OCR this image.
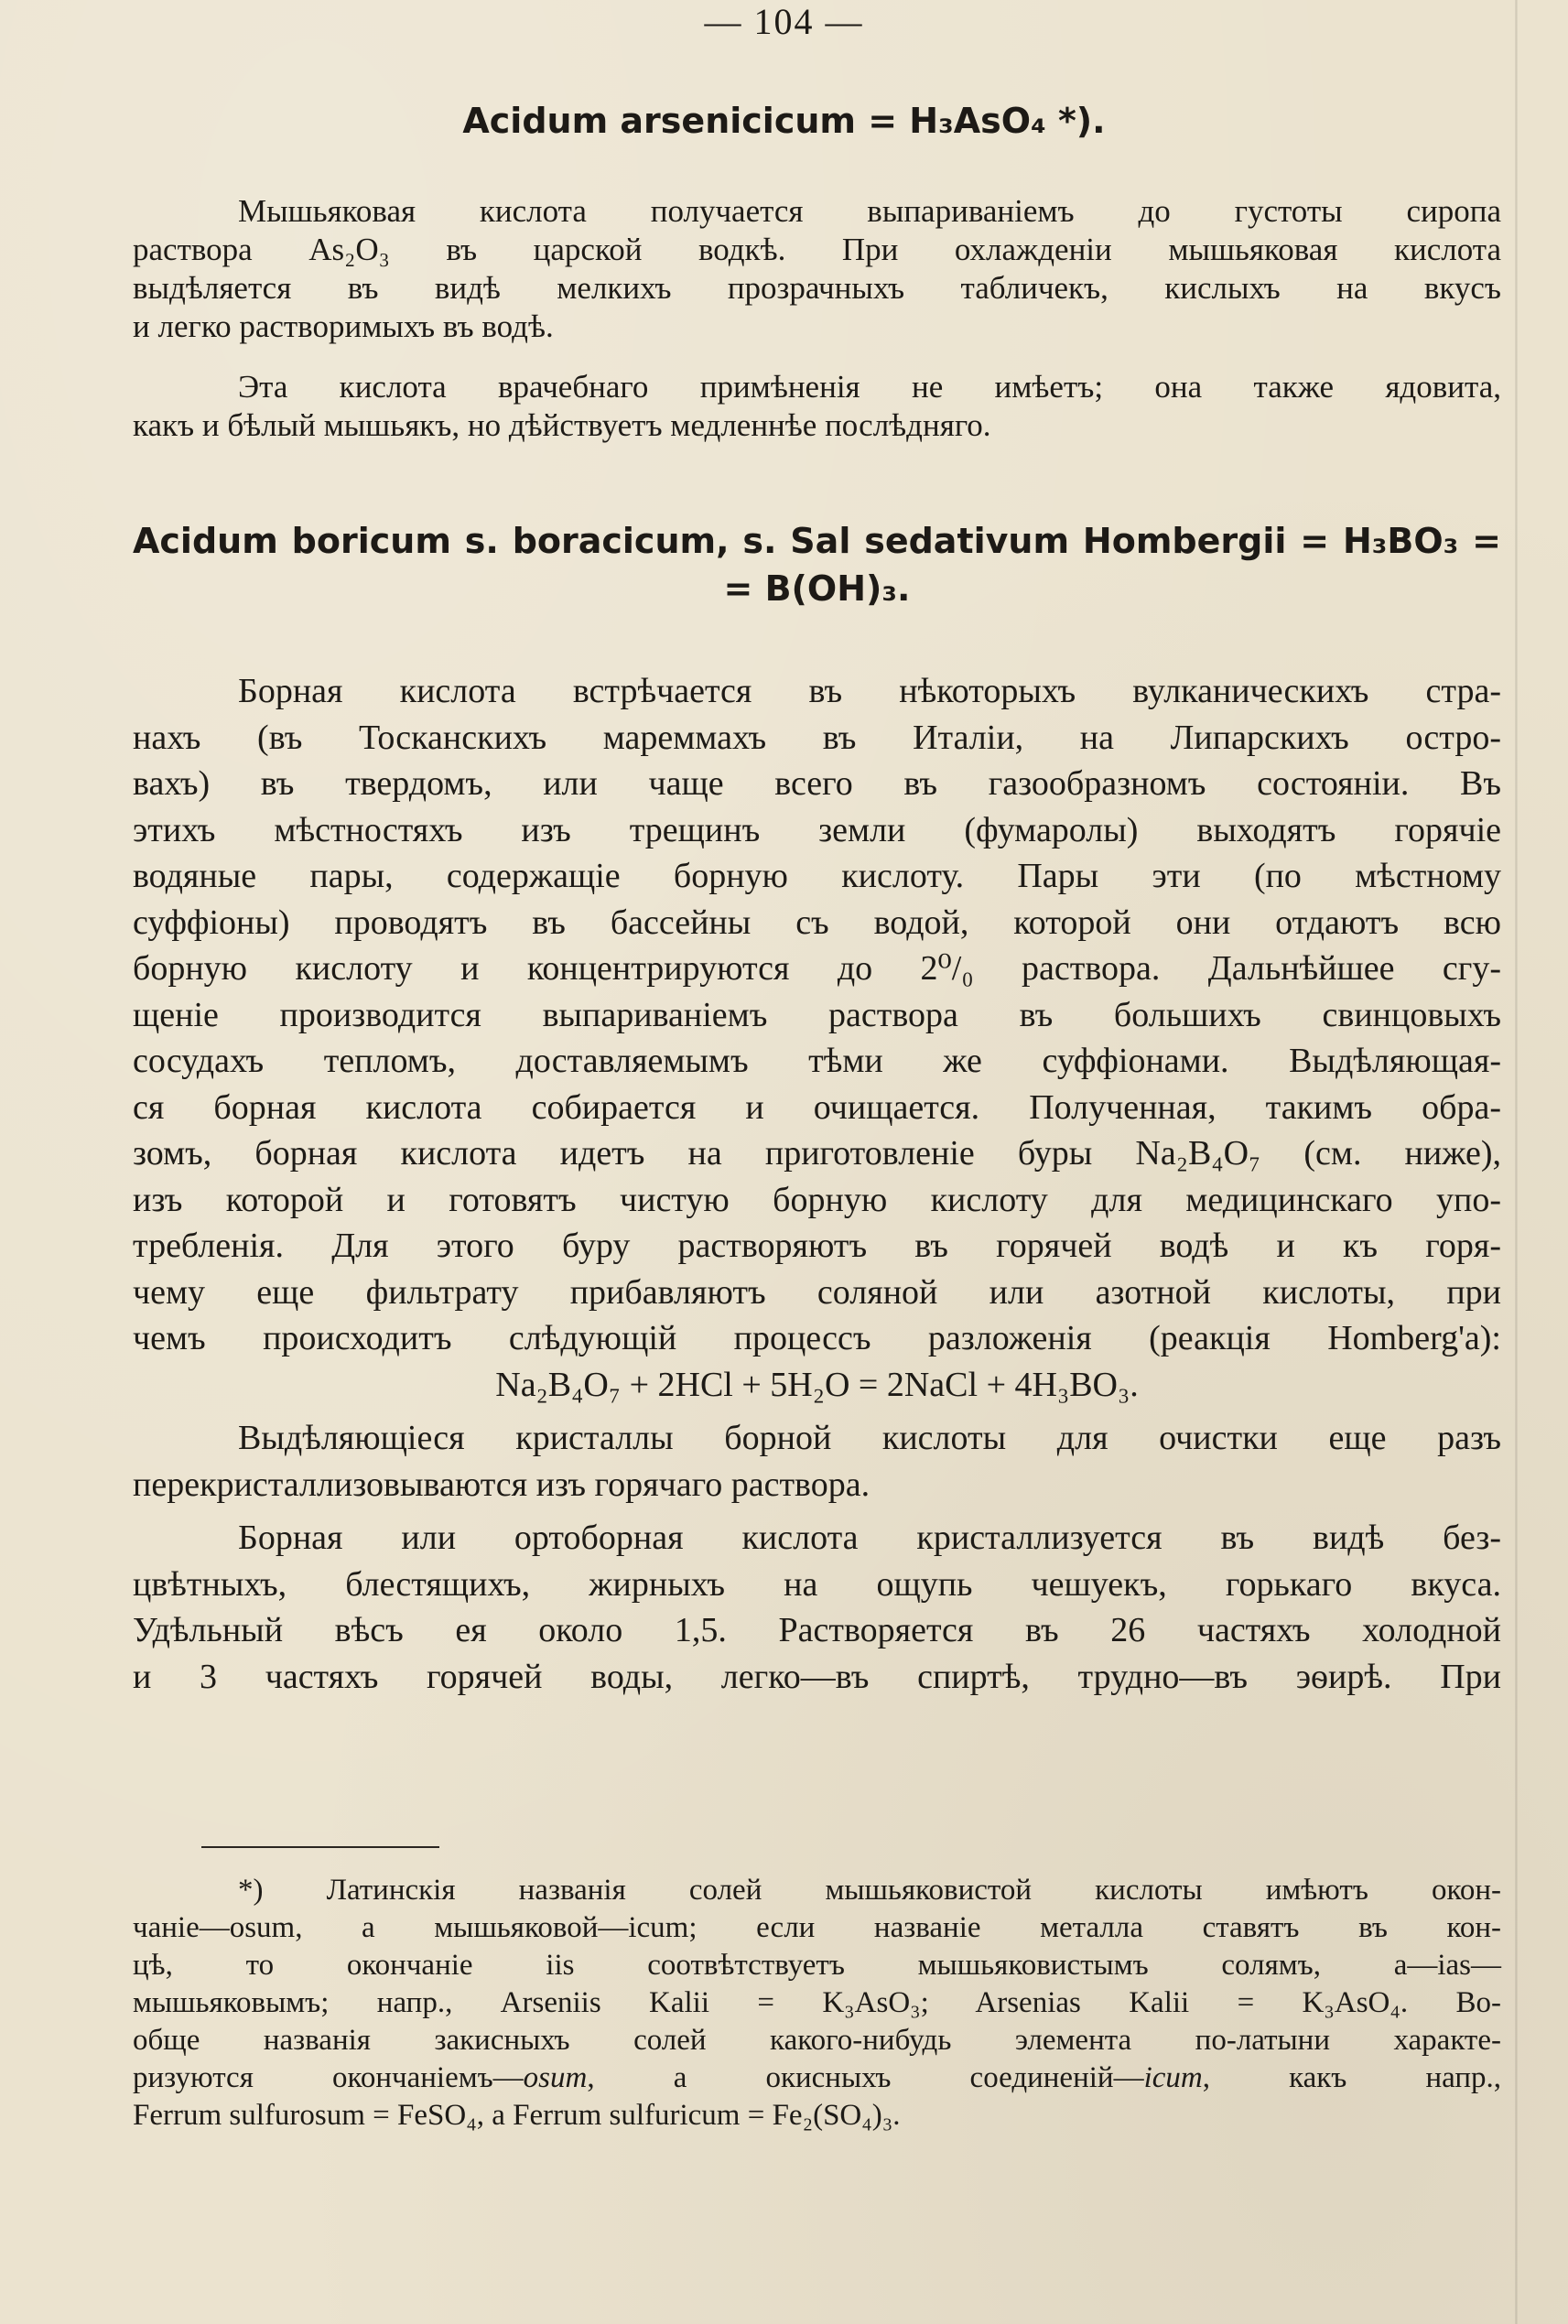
— 104 —
Acidum arsenicicum = H₃AsO₄ *).
Мышьяковая кислота получается выпариваніемъ до густоты сиропа
раствора As₂O₃ въ царской водкѣ. При охлажденіи мышьяковая кислота
выдѣляется въ видѣ мелкихъ прозрачныхъ табличекъ, кислыхъ на вкусъ
и легко растворимыхъ въ водѣ.
Эта кислота врачебнаго примѣненія не имѣетъ; она также ядовита,
какъ и бѣлый мышьякъ, но дѣйствуетъ медленнѣе послѣдняго.
Acidum boricum s. boracicum, s. Sal sedativum Hombergii = H₃BO₃ =
= B(OH)₃.
Борная кислота встрѣчается въ нѣкоторыхъ вулканическихъ стра-
нахъ (въ Тосканскихъ мареммахъ въ Италіи, на Липарскихъ остро-
вахъ) въ твердомъ, или чаще всего въ газообразномъ состояніи. Въ
этихъ мѣстностяхъ изъ трещинъ земли (фумаролы) выходятъ горячіе
водяные пары, содержащіе борную кислоту. Пары эти (по мѣстному
суффіоны) проводятъ въ бассейны съ водой, которой они отдаютъ всю
борную кислоту и концентрируются до 2⁰/₀ раствора. Дальнѣйшее сгу-
щеніе производится выпариваніемъ раствора въ большихъ свинцовыхъ
сосудахъ тепломъ, доставляемымъ тѣми же суффіонами. Выдѣляющая-
ся борная кислота собирается и очищается. Полученная, такимъ обра-
зомъ, борная кислота идетъ на приготовленіе буры Na₂B₄O₇ (см. ниже),
изъ которой и готовятъ чистую борную кислоту для медицинскаго упо-
требленія. Для этого буру растворяютъ въ горячей водѣ и къ горя-
чему еще фильтрату прибавляютъ соляной или азотной кислоты, при
чемъ происходитъ слѣдующій процессъ разложенія (реакція Homberg'a):
Na₂B₄O₇ + 2HCl + 5H₂O = 2NaCl + 4H₃BO₃.
Выдѣляющіеся кристаллы борной кислоты для очистки еще разъ
перекристаллизовываются изъ горячаго раствора.
Борная или ортоборная кислота кристаллизуется въ видѣ без-
цвѣтныхъ, блестящихъ, жирныхъ на ощупь чешуекъ, горькаго вкуса.
Удѣльный вѣсъ ея около 1,5. Растворяется въ 26 частяхъ холодной
и 3 частяхъ горячей воды, легко—въ спиртѣ, трудно—въ эѳирѣ. При
*) Латинскія названія солей мышьяковистой кислоты имѣютъ окон-
чаніе—osum, а мышьяковой—icum; если названіе металла ставятъ въ кон-
цѣ, то окончаніе iis соотвѣтствуетъ мышьяковистымъ солямъ, а—ias—
мышьяковымъ; напр., Arseniis Kalii = K₃AsO₃; Arsenias Kalii = K₃AsO₄. Во-
обще названія закисныхъ солей какого-нибудь элемента по-латыни характе-
ризуются окончаніемъ—osum, а окисныхъ соединеній—icum, какъ напр.,
Ferrum sulfurosum = FeSO₄, а Ferrum sulfuricum = Fe₂(SO₄)₃.
